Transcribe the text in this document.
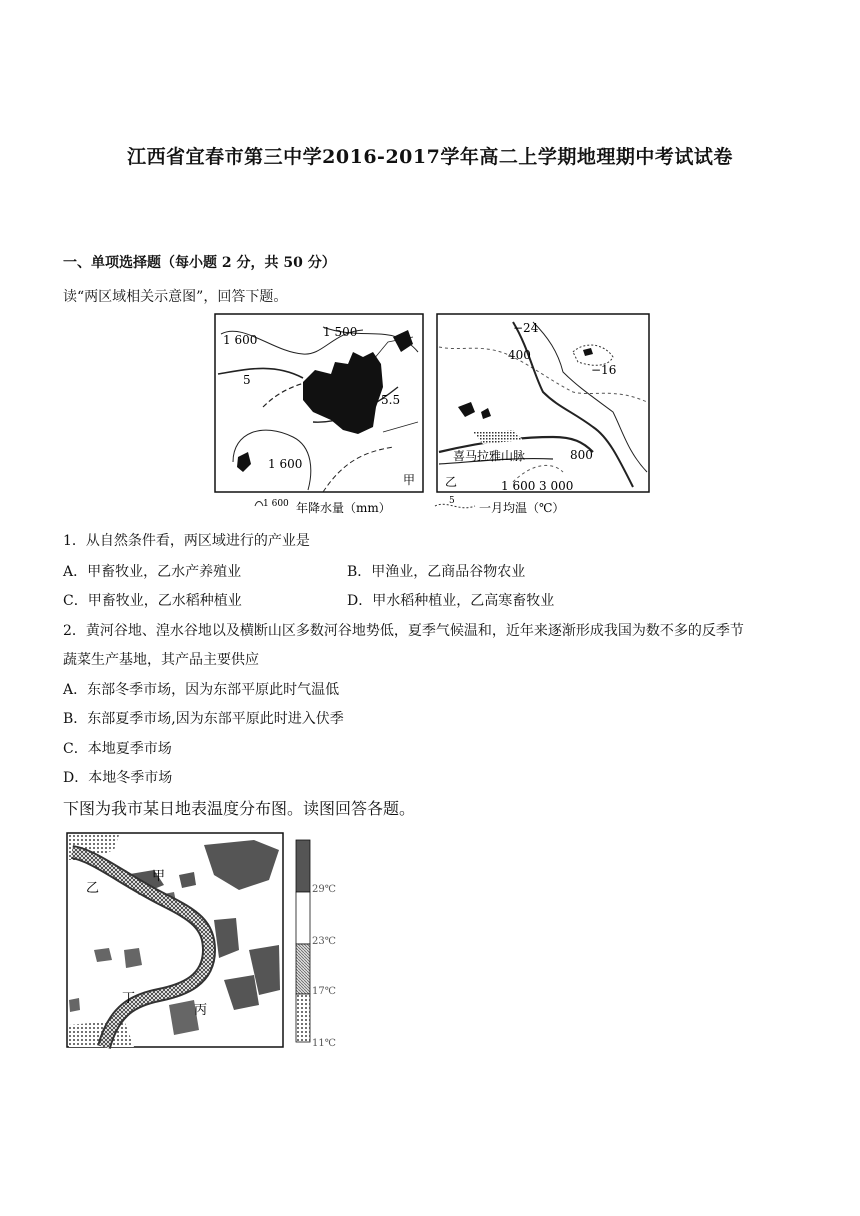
江西省宜春市第三中学2016-2017学年高二上学期地理期中考试试卷
一、单项选择题（每小题 2 分，共 50 分）
读“两区域相关示意图”，回答下题。
1 600
1 500
5
5.5
1 600
甲
−24
400
−16
喜马拉雅山脉	800
乙	1 600 3 000
1 600 年降水量（mm）	5 一月均温（℃）
1．从自然条件看，两区域进行的产业是
A．甲畜牧业，乙水产养殖业	B．甲渔业，乙商品谷物农业
C．甲畜牧业，乙水稻种植业	D．甲水稻种植业，乙高寒畜牧业
2．黄河谷地、湟水谷地以及横断山区多数河谷地势低，夏季气候温和，近年来逐渐形成我国为数不多的反季节
蔬菜生产基地，其产品主要供应
A．东部冬季市场，因为东部平原此时气温低
B．东部夏季市场,因为东部平原此时进入伏季
C．本地夏季市场
D．本地冬季市场
下图为我市某日地表温度分布图。读图回答各题。
乙
甲
丁
丙
29℃
23℃
17℃
11℃
